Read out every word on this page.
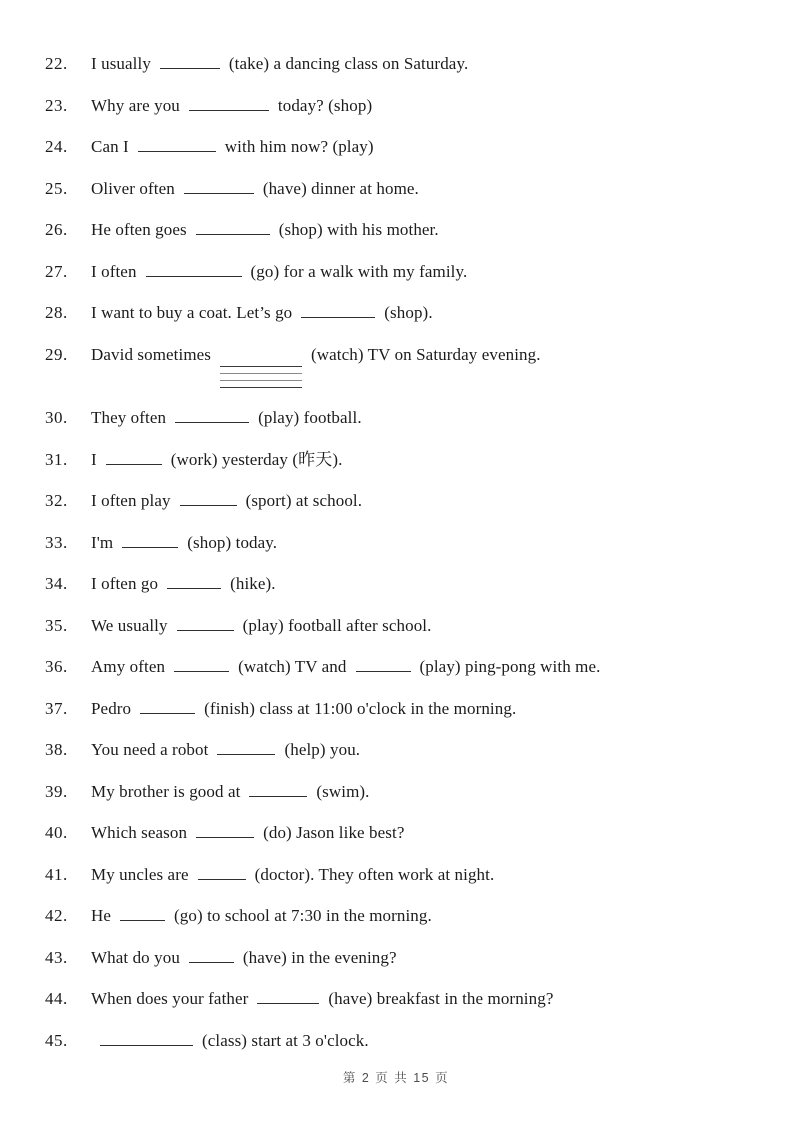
22. I usually	(take) a dancing class on Saturday.
23. Why are you	today? (shop)
24. Can I	with him now? (play)
25. Oliver often	(have) dinner at home.
26. He often goes	(shop) with his mother.
27. I often	(go) for a walk with my family.
28. I want to buy a coat. Let’s go	(shop).
29. David sometimes	(watch) TV on Saturday evening.
30. They often	(play) football.
31. I	(work) yesterday (昨天).
32. I often play	(sport) at school.
33. I'm	(shop) today.
34. I often go	(hike).
35. We usually	(play) football after school.
36. Amy often	(watch) TV and	(play) ping-pong with me.
37. Pedro	(finish) class at 11:00 o'clock in the morning.
38. You need a robot	(help) you.
39. My brother is good at	(swim).
40. Which season	(do) Jason like best?
41. My uncles are	(doctor). They often work at night.
42. He	(go) to school at 7:30 in the morning.
43. What do you	(have) in the evening?
44. When does your father	(have) breakfast in the morning?
45.	(class) start at 3 o'clock.
第 2 页 共 15 页
